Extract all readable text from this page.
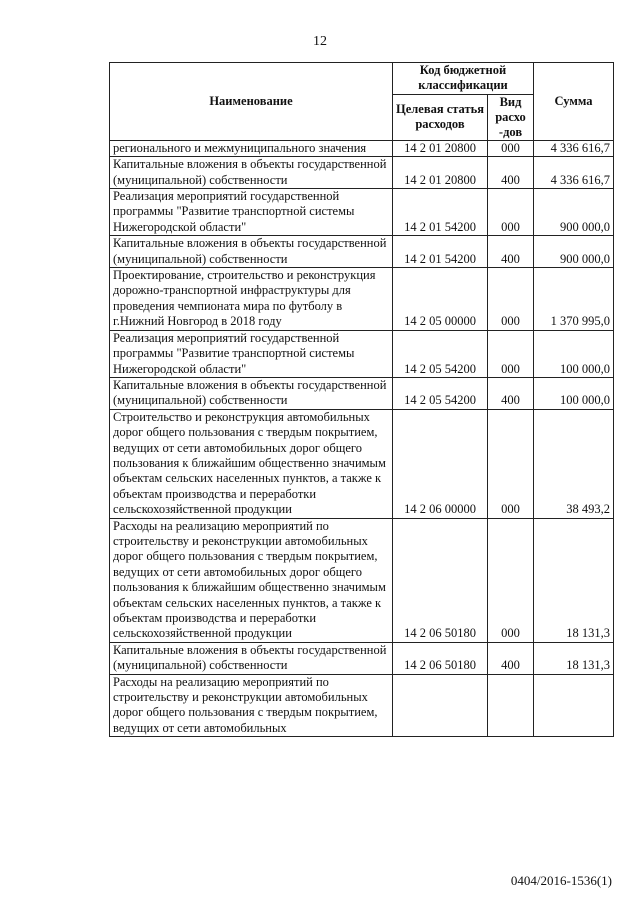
12
Наименование	Код бюджетной классификации		Сумма
	Целевая статья расходов	Вид расхо -дов	
регионального и межмуниципального значения	14 2 01 20800	000	4 336 616,7
Капитальные вложения в объекты государственной (муниципальной) собственности	14 2 01 20800	400	4 336 616,7
Реализация мероприятий государственной программы "Развитие транспортной системы Нижегородской области"	14 2 01 54200	000	900 000,0
Капитальные вложения в объекты государственной (муниципальной) собственности	14 2 01 54200	400	900 000,0
Проектирование, строительство и реконструкция дорожно-транспортной инфраструктуры для проведения чемпионата мира по футболу в г.Нижний Новгород в 2018 году	14 2 05 00000	000	1 370 995,0
Реализация мероприятий государственной программы "Развитие транспортной системы Нижегородской области"	14 2 05 54200	000	100 000,0
Капитальные вложения в объекты государственной (муниципальной) собственности	14 2 05 54200	400	100 000,0
Строительство и реконструкция автомобильных дорог общего пользования с твердым покрытием, ведущих от сети автомобильных дорог общего пользования к ближайшим общественно значимым объектам сельских населенных пунктов, а также к объектам производства и переработки сельскохозяйственной продукции	14 2 06 00000	000	38 493,2
Расходы на реализацию мероприятий по строительству и реконструкции автомобильных дорог общего пользования с твердым покрытием, ведущих от сети автомобильных дорог общего пользования к ближайшим общественно значимым объектам сельских населенных пунктов, а также к объектам производства и переработки сельскохозяйственной продукции	14 2 06 50180	000	18 131,3
Капитальные вложения в объекты государственной (муниципальной) собственности	14 2 06 50180	400	18 131,3
Расходы на реализацию мероприятий по строительству и реконструкции автомобильных дорог общего пользования с твердым покрытием, ведущих от сети автомобильных			
0404/2016-1536(1)
